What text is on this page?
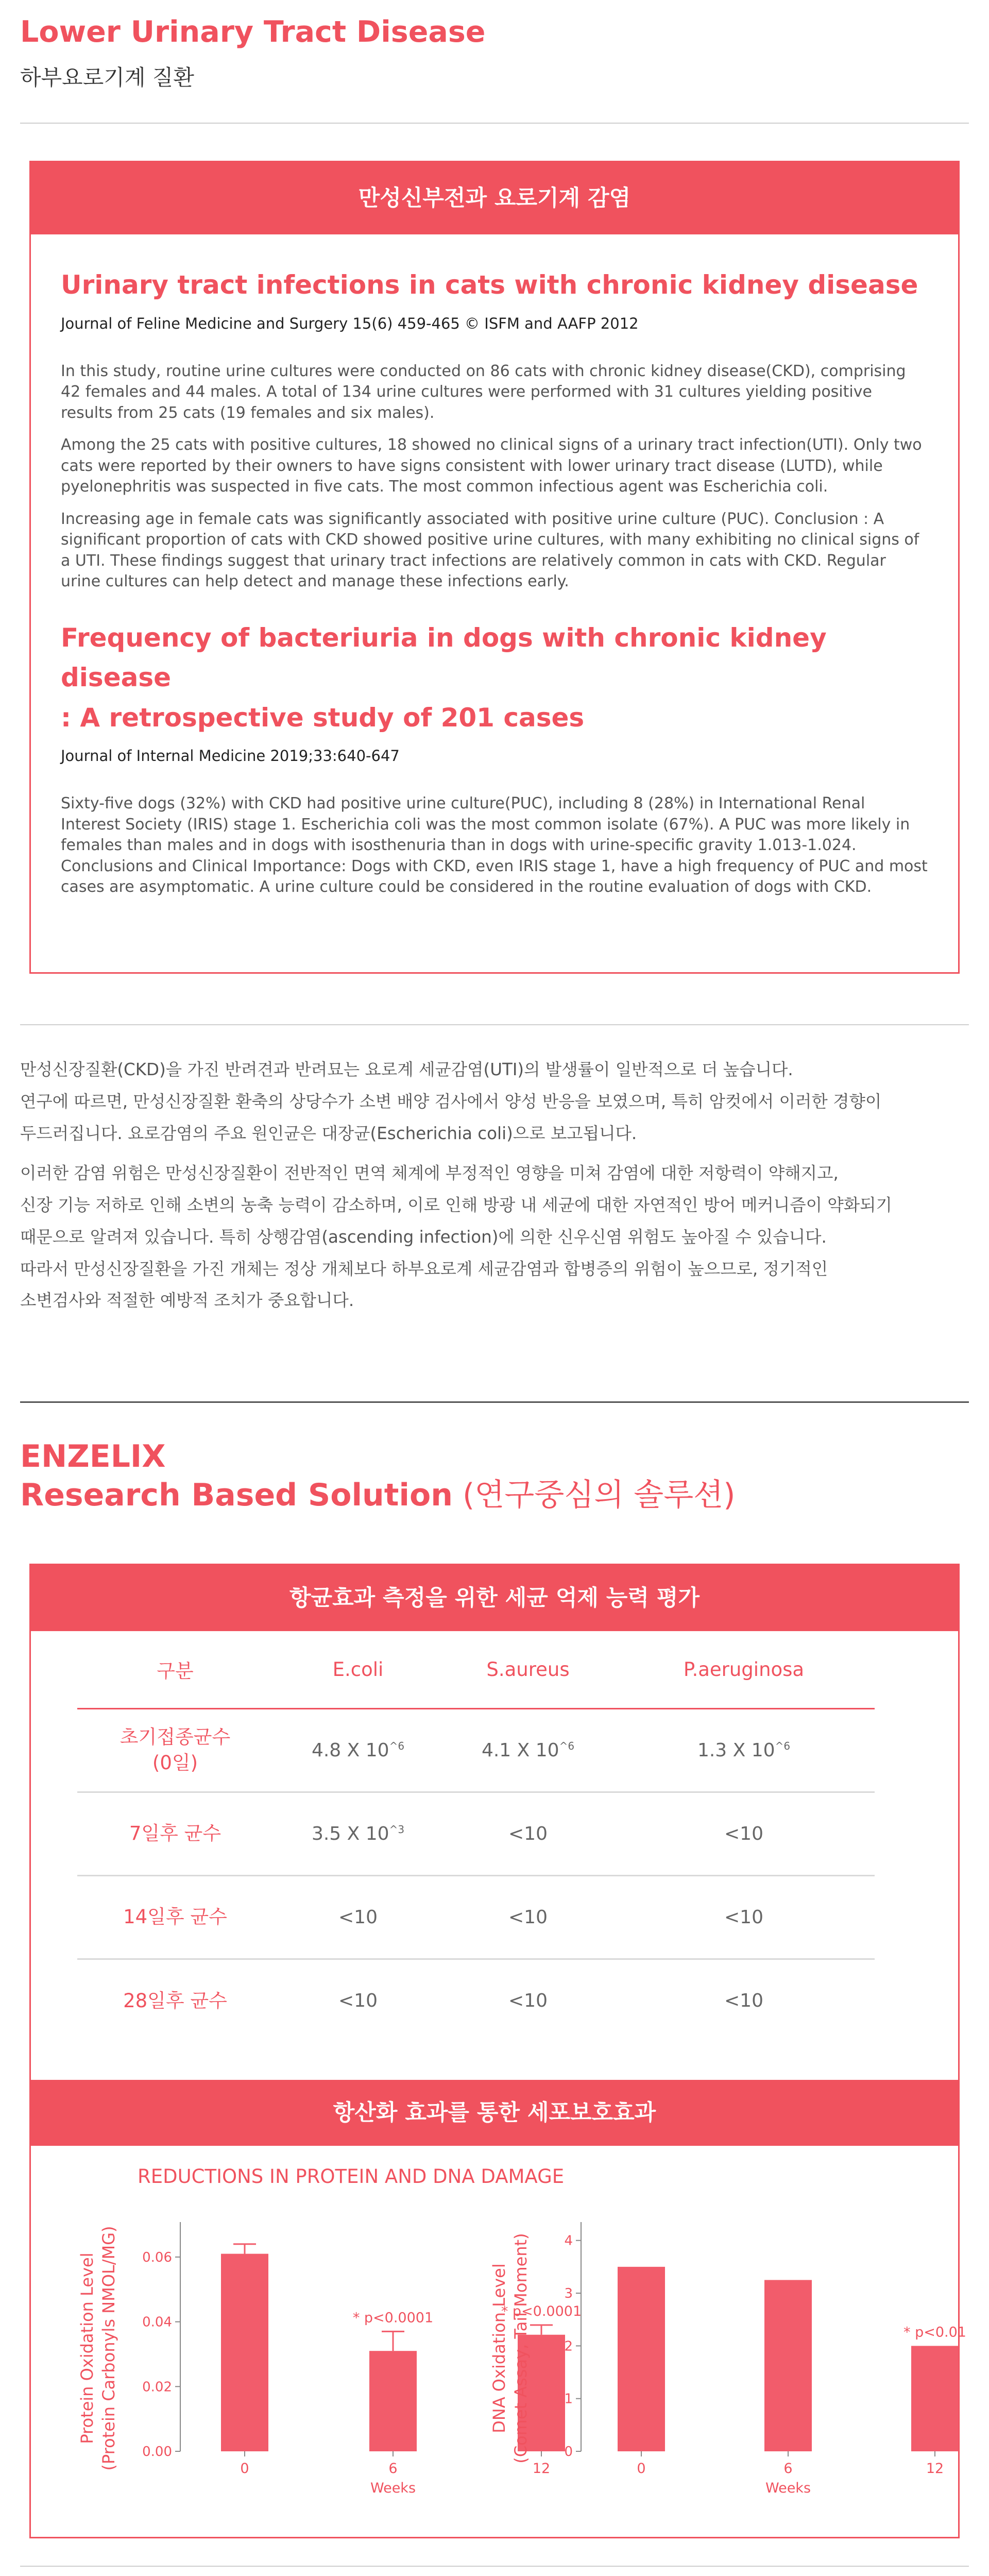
Lower Urinary Tract Disease
하부요로기계 질환
만성신부전과 요로기계 감염
Urinary tract infections in cats with chronic kidney disease
Journal of Feline Medicine and Surgery 15(6) 459-465 © ISFM and AAFP 2012
In this study, routine urine cultures were conducted on 86 cats with chronic kidney disease(CKD), comprising 42 females and 44 males. A total of 134 urine cultures were performed with 31 cultures yielding positive results from 25 cats (19 females and six males).
Among the 25 cats with positive cultures, 18 showed no clinical signs of a urinary tract infection(UTI). Only two cats were reported by their owners to have signs consistent with lower urinary tract disease (LUTD), while pyelonephritis was suspected in five cats. The most common infectious agent was Escherichia coli.
Increasing age in female cats was significantly associated with positive urine culture (PUC). Conclusion : A significant proportion of cats with CKD showed positive urine cultures, with many exhibiting no clinical signs of a UTI. These findings suggest that urinary tract infections are relatively common in cats with CKD. Regular urine cultures can help detect and manage these infections early.
Frequency of bacteriuria in dogs with chronic kidney disease
: A retrospective study of 201 cases
Journal of Internal Medicine 2019;33:640-647
Sixty-five dogs (32%) with CKD had positive urine culture(PUC), including 8 (28%) in International Renal Interest Society (IRIS) stage 1. Escherichia coli was the most common isolate (67%). A PUC was more likely in females than males and in dogs with isosthenuria than in dogs with urine-specific gravity 1.013-1.024. Conclusions and Clinical Importance: Dogs with CKD, even IRIS stage 1, have a high frequency of PUC and most cases are asymptomatic. A urine culture could be considered in the routine evaluation of dogs with CKD.
만성신장질환(CKD)을 가진 반려견과 반려묘는 요로계 세균감염(UTI)의 발생률이 일반적으로 더 높습니다.
연구에 따르면, 만성신장질환 환축의 상당수가 소변 배양 검사에서 양성 반응을 보였으며, 특히 암컷에서 이러한 경향이
두드러집니다. 요로감염의 주요 원인균은 대장균(Escherichia coli)으로 보고됩니다.
이러한 감염 위험은 만성신장질환이 전반적인 면역 체계에 부정적인 영향을 미쳐 감염에 대한 저항력이 약해지고,
신장 기능 저하로 인해 소변의 농축 능력이 감소하며, 이로 인해 방광 내 세균에 대한 자연적인 방어 메커니즘이 약화되기
때문으로 알려져 있습니다. 특히 상행감염(ascending infection)에 의한 신우신염 위험도 높아질 수 있습니다.
따라서 만성신장질환을 가진 개체는 정상 개체보다 하부요로계 세균감염과 합병증의 위험이 높으므로, 정기적인
소변검사와 적절한 예방적 조치가 중요합니다.
ENZELIX
Research Based Solution (연구중심의 솔루션)
항균효과 측정을 위한 세균 억제 능력 평가
구분	E.coli	S.aureus	P.aeruginosa
초기접종균수
(0일)	4.8 X $10^{\^{}6}$	4.1 X $10^{\^{}6}$	1.3 X $10^{\^{}6}$
7일후 균수	3.5 X $10^{\^{}3}$	<10	<10
14일후 균수	<10	<10	<10
28일후 균수	<10	<10	<10
항산화 효과를 통한 세포보호효과
REDUCTIONS IN PROTEIN AND DNA DAMAGE
Protein Oxidation Level (Protein Carbonyls NMOL/MG) 0.00
0.02
0.04
0.06
0
* p<0.0001
6
* p<0.0001
12
Weeks
DNA Oxidation Level (Comet Assay, Tail Moment)	0
1
2
3
4
0	6
* p<0.01
12
Weeks
